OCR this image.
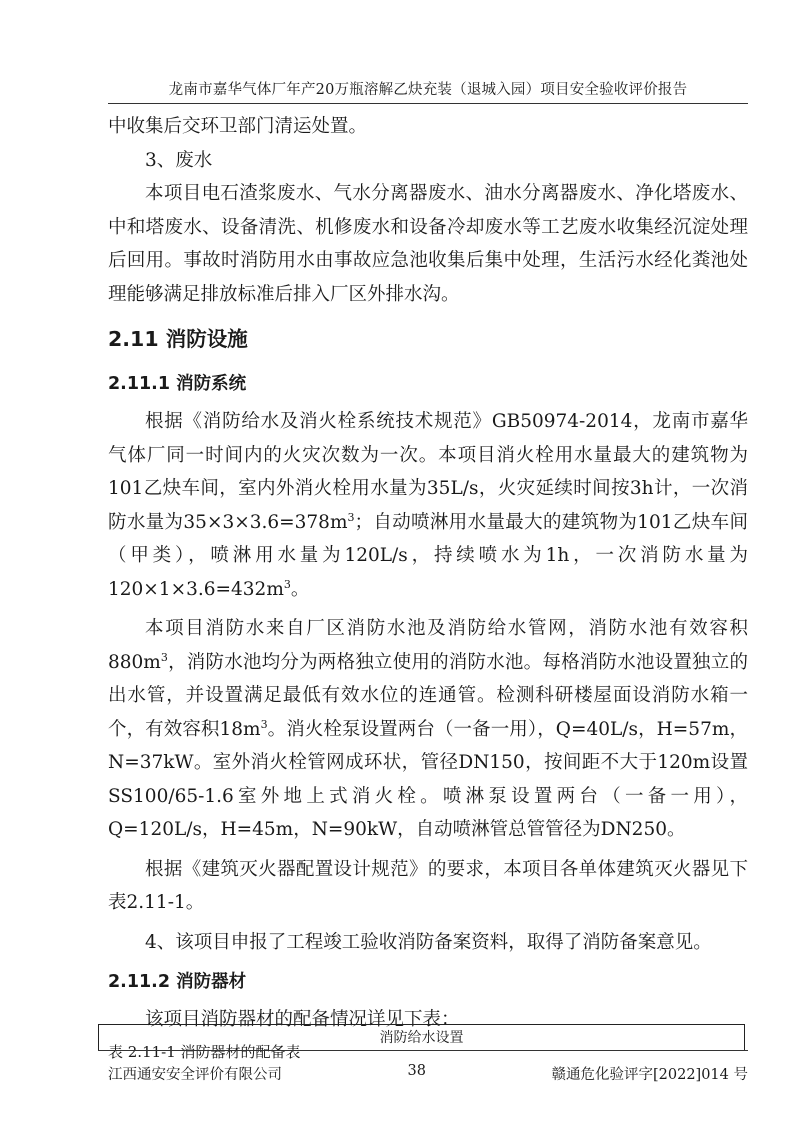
龙南市嘉华气体厂年产20万瓶溶解乙炔充装（退城入园）项目安全验收评价报告

中收集后交环卫部门清运处置。

3、废水

本项目电石渣浆废水、气水分离器废水、油水分离器废水、净化塔废水、中和塔废水、设备清洗、机修废水和设备冷却废水等工艺废水收集经沉淀处理后回用。事故时消防用水由事故应急池收集后集中处理，生活污水经化粪池处理能够满足排放标准后排入厂区外排水沟。

2.11 消防设施

2.11.1 消防系统

根据《消防给水及消火栓系统技术规范》GB50974-2014，龙南市嘉华气体厂同一时间内的火灾次数为一次。本项目消火栓用水量最大的建筑物为101乙炔车间，室内外消火栓用水量为35L/s，火灾延续时间按3h计，一次消防水量为$35\times 3\times 3.6=378m^3$；自动喷淋用水量最大的建筑物为101乙炔车间（甲类），喷淋用水量为120L/s，持续喷水为1h，一次消防水量为$120\times 1\times 3.6=432m^3$。

本项目消防水来自厂区消防水池及消防给水管网，消防水池有效容积$880m^3$，消防水池均分为两格独立使用的消防水池。每格消防水池设置独立的出水管，并设置满足最低有效水位的连通管。检测科研楼屋面设消防水箱一个，有效容积$18m^3$。消火栓泵设置两台（一备一用），Q=40L/s，H=57m，N=37kW。室外消火栓管网成环状，管径DN150，按间距不大于120m设置SS100/65-1.6室外地上式消火栓。喷淋泵设置两台（一备一用），Q=120L/s，H=45m，N=90kW，自动喷淋管总管管径为DN250。

根据《建筑灭火器配置设计规范》的要求，本项目各单体建筑灭火器见下表2.11-1。

4、该项目申报了工程竣工验收消防备案资料，取得了消防备案意见。

2.11.2 消防器材

该项目消防器材的配备情况详见下表：

表 2.11-1 消防器材的配备表

消防给水设置
江西通安安全评价有限公司	38	赣通危化验评字[2022]014 号
